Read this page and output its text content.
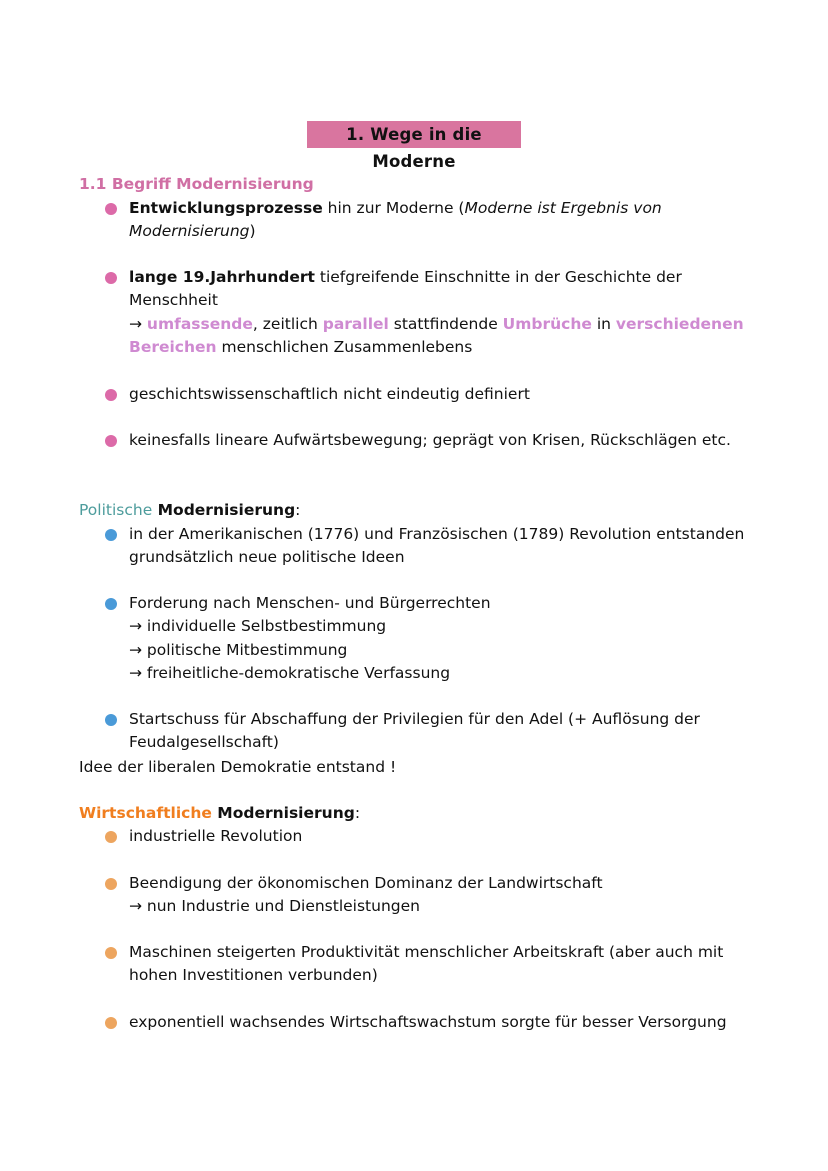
1. Wege in die Moderne
1.1 Begriff Modernisierung
Entwicklungsprozesse hin zur Moderne (Moderne ist Ergebnis von
Modernisierung)
lange 19.Jahrhundert tiefgreifende Einschnitte in der Geschichte der
Menschheit
→ umfassende, zeitlich parallel stattfindende Umbrüche in verschiedenen
Bereichen menschlichen Zusammenlebens
geschichtswissenschaftlich nicht eindeutig definiert
keinesfalls lineare Aufwärtsbewegung; geprägt von Krisen, Rückschlägen etc.
Politische Modernisierung:
in der Amerikanischen (1776) und Französischen (1789) Revolution entstanden
grundsätzlich neue politische Ideen
Forderung nach Menschen- und Bürgerrechten
→ individuelle Selbstbestimmung
→ politische Mitbestimmung
→ freiheitliche-demokratische Verfassung
Startschuss für Abschaffung der Privilegien für den Adel (+ Auflösung der
Feudalgesellschaft)
Idee der liberalen Demokratie entstand !
Wirtschaftliche Modernisierung:
industrielle Revolution
Beendigung der ökonomischen Dominanz der Landwirtschaft
→ nun Industrie und Dienstleistungen
Maschinen steigerten Produktivität menschlicher Arbeitskraft (aber auch mit
hohen Investitionen verbunden)
exponentiell wachsendes Wirtschaftswachstum sorgte für besser Versorgung
